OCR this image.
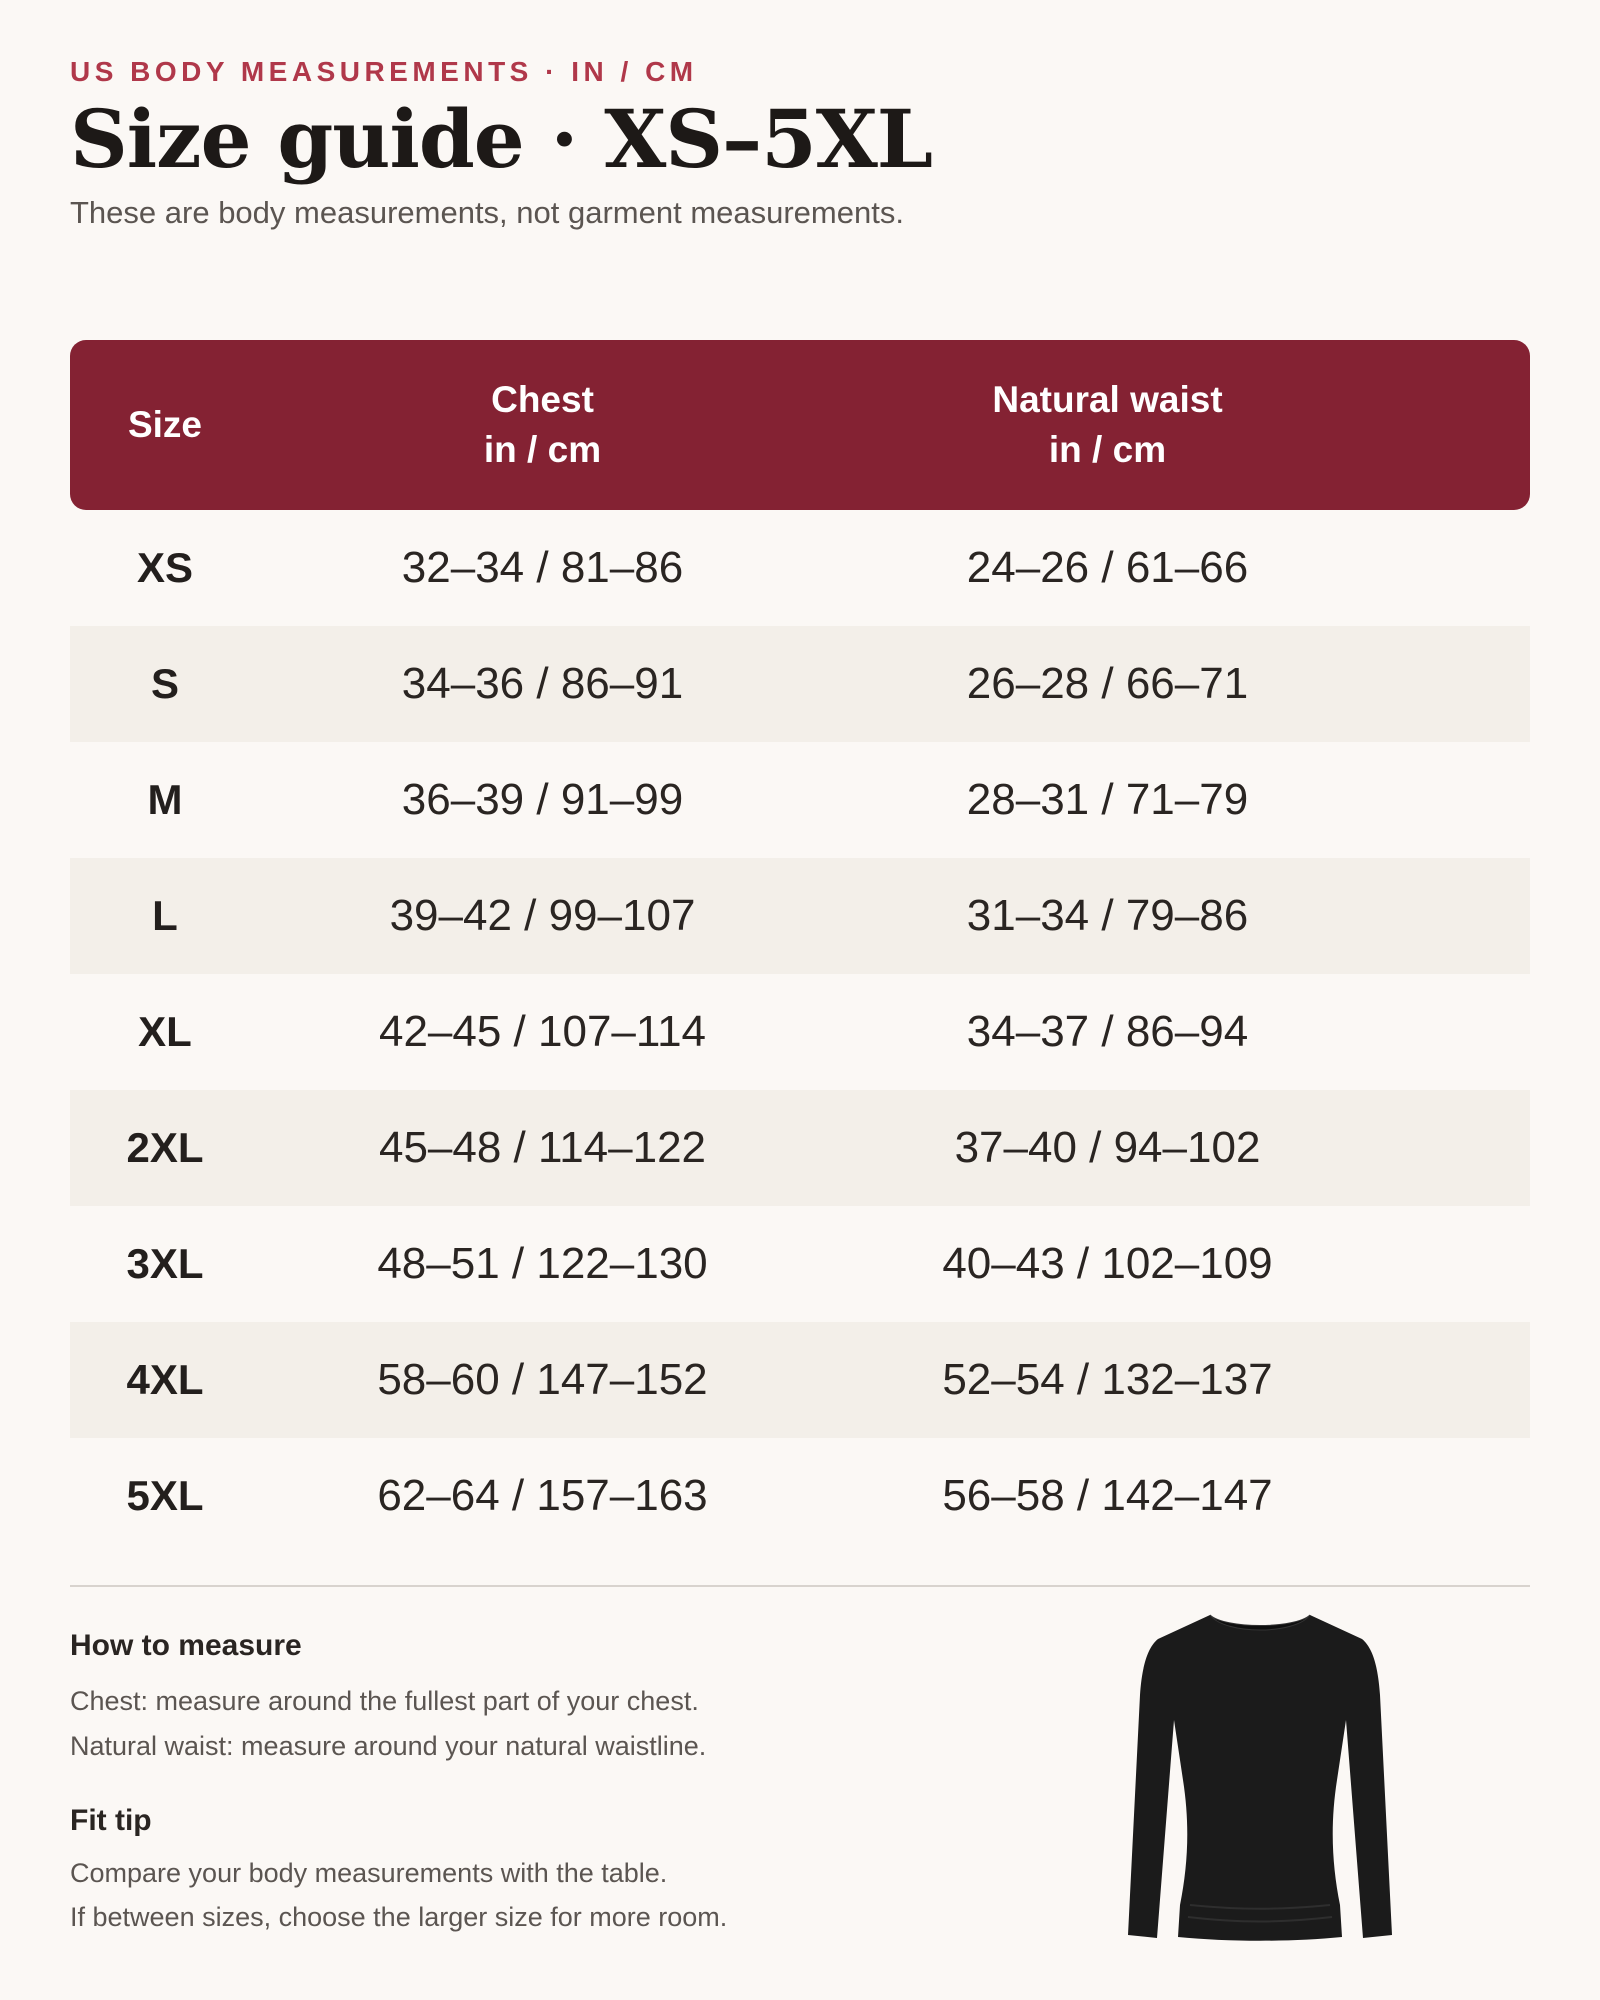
US BODY MEASUREMENTS · IN / CM
Size guide · XS–5XL
These are body measurements, not garment measurements.
Size
Chest
in / cm
Natural waist
in / cm
XS	32–34 / 81–86	24–26 / 61–66
S	34–36 / 86–91	26–28 / 66–71
M	36–39 / 91–99	28–31 / 71–79
L	39–42 / 99–107	31–34 / 79–86
XL	42–45 / 107–114	34–37 / 86–94
2XL	45–48 / 114–122	37–40 / 94–102
3XL	48–51 / 122–130	40–43 / 102–109
4XL	58–60 / 147–152	52–54 / 132–137
5XL	62–64 / 157–163	56–58 / 142–147
How to measure
Chest: measure around the fullest part of your chest.
Natural waist: measure around your natural waistline.
Fit tip
Compare your body measurements with the table.
If between sizes, choose the larger size for more room.
